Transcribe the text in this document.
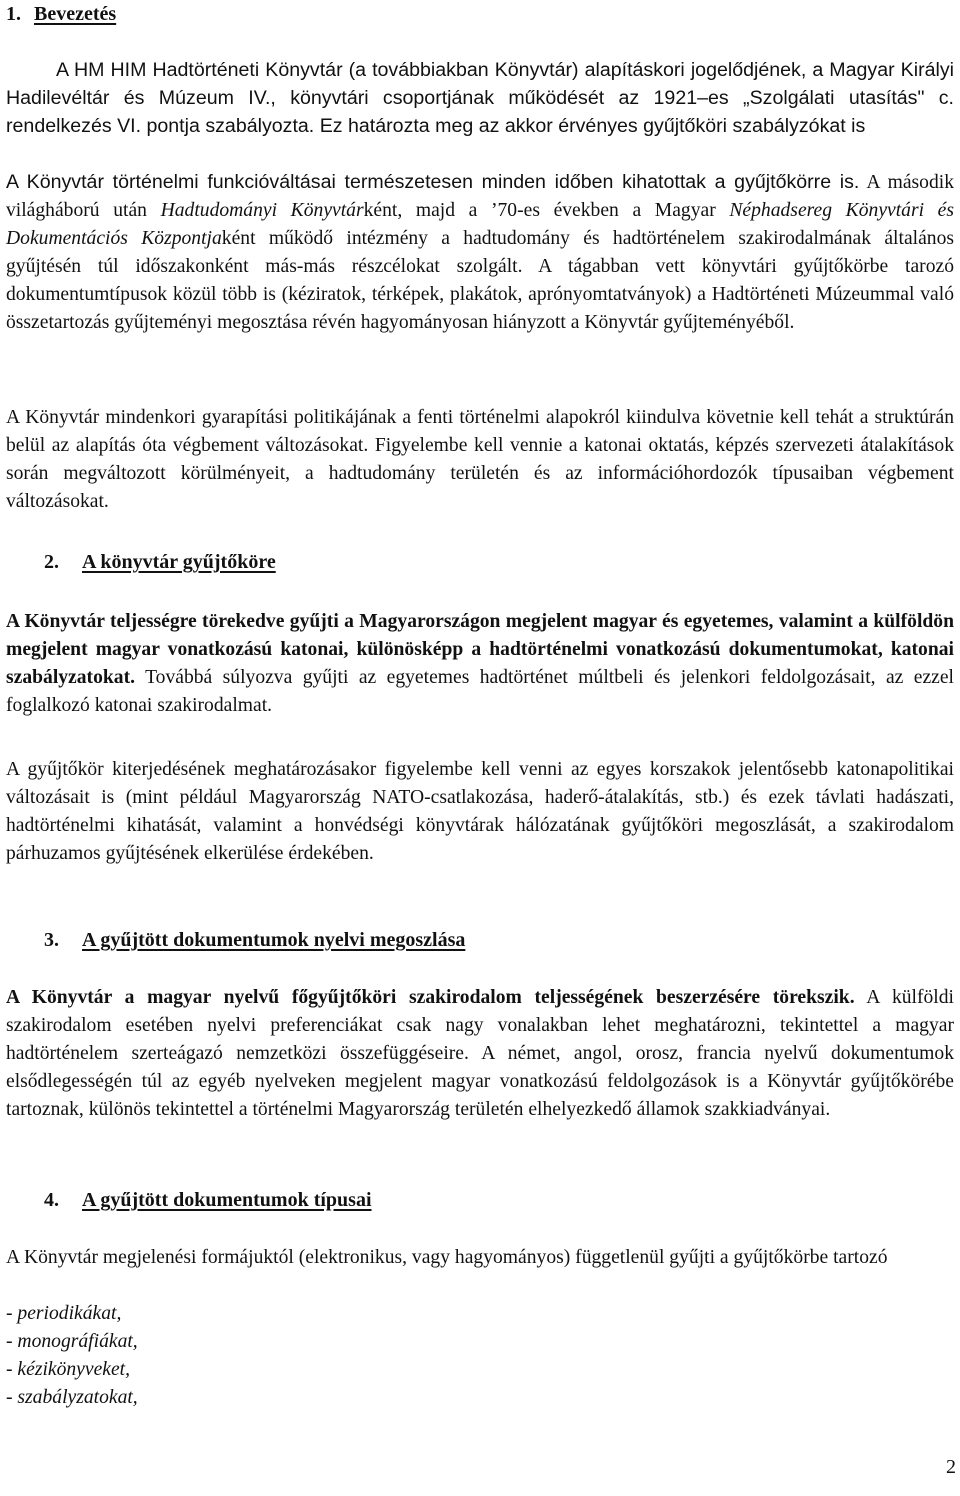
1. Bevezetés
A HM HIM Hadtörténeti Könyvtár (a továbbiakban Könyvtár) alapításkori jogelődjének, a Magyar Királyi Hadilevéltár és Múzeum IV., könyvtári csoportjának működését az 1921–es „Szolgálati utasítás" c. rendelkezés VI. pontja szabályozta. Ez határozta meg az akkor érvényes gyűjtőköri szabályzókat is
A Könyvtár történelmi funkcióváltásai természetesen minden időben kihatottak a gyűjtőkörre is. A második világháború után Hadtudományi Könyvtárként, majd a ’70-es években a Magyar Néphadsereg Könyvtári és Dokumentációs Központjaként működő intézmény a hadtudomány és hadtörténelem szakirodalmának általános gyűjtésén túl időszakonként más-más részcélokat szolgált. A tágabban vett könyvtári gyűjtőkörbe tarozó dokumentumtípusok közül több is (kéziratok, térképek, plakátok, aprónyomtatványok) a Hadtörténeti Múzeummal való összetartozás gyűjteményi megosztása révén hagyományosan hiányzott a Könyvtár gyűjteményéből.
A Könyvtár mindenkori gyarapítási politikájának a fenti történelmi alapokról kiindulva követnie kell tehát a struktúrán belül az alapítás óta végbement változásokat. Figyelembe kell vennie a katonai oktatás, képzés szervezeti átalakítások során megváltozott körülményeit, a hadtudomány területén és az információhordozók típusaiban végbement változásokat.
2. A könyvtár gyűjtőköre
A Könyvtár teljességre törekedve gyűjti a Magyarországon megjelent magyar és egyetemes, valamint a külföldön megjelent magyar vonatkozású katonai, különösképp a hadtörténelmi vonatkozású dokumentumokat, katonai szabályzatokat. Továbbá súlyozva gyűjti az egyetemes hadtörténet múltbeli és jelenkori feldolgozásait, az ezzel foglalkozó katonai szakirodalmat.
A gyűjtőkör kiterjedésének meghatározásakor figyelembe kell venni az egyes korszakok jelentősebb katonapolitikai változásait is (mint például Magyarország NATO-csatlakozása, haderő-átalakítás, stb.) és ezek távlati hadászati, hadtörténelmi kihatását, valamint a honvédségi könyvtárak hálózatának gyűjtőköri megoszlását, a szakirodalom párhuzamos gyűjtésének elkerülése érdekében.
3. A gyűjtött dokumentumok nyelvi megoszlása
A Könyvtár a magyar nyelvű főgyűjtőköri szakirodalom teljességének beszerzésére törekszik. A külföldi szakirodalom esetében nyelvi preferenciákat csak nagy vonalakban lehet meghatározni, tekintettel a magyar hadtörténelem szerteágazó nemzetközi összefüggéseire. A német, angol, orosz, francia nyelvű dokumentumok elsődlegességén túl az egyéb nyelveken megjelent magyar vonatkozású feldolgozások is a Könyvtár gyűjtőkörébe tartoznak, különös tekintettel a történelmi Magyarország területén elhelyezkedő államok szakkiadványai.
4. A gyűjtött dokumentumok típusai
A Könyvtár megjelenési formájuktól (elektronikus, vagy hagyományos) függetlenül gyűjti a gyűjtőkörbe tartozó
- periodikákat,
- monográfiákat,
- kézikönyveket,
- szabályzatokat,
2
